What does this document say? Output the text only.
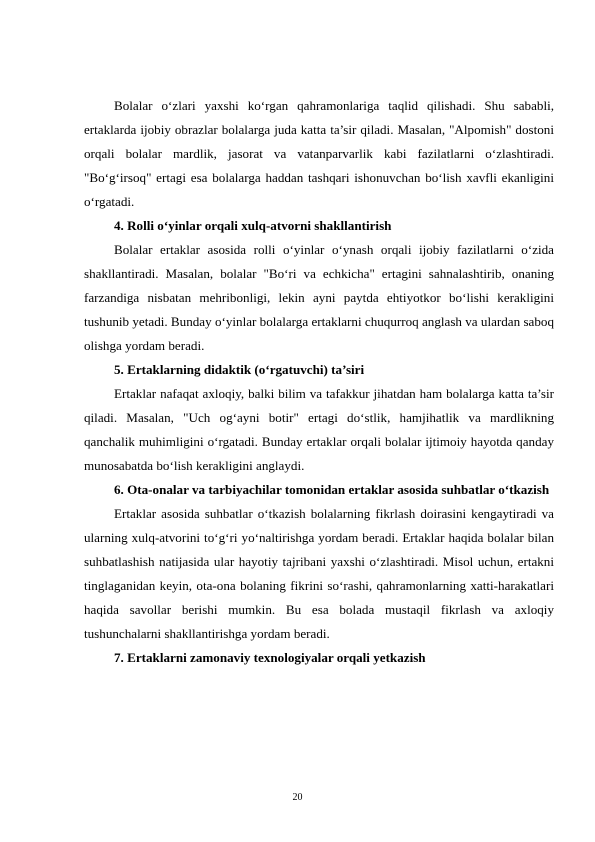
Bolalar o‘zlari yaxshi ko‘rgan qahramonlariga taqlid qilishadi. Shu sababli, ertaklarda ijobiy obrazlar bolalarga juda katta ta’sir qiladi. Masalan, "Alpomish" dostoni orqali bolalar mardlik, jasorat va vatanparvarlik kabi fazilatlarni o‘zlashtiradi. "Bo‘g‘irsoq" ertagi esa bolalarga haddan tashqari ishonuvchan bo‘lish xavfli ekanligini o‘rgatadi.

4. Rolli o‘yinlar orqali xulq-atvorni shakllantirish

Bolalar ertaklar asosida rolli o‘yinlar o‘ynash orqali ijobiy fazilatlarni o‘zida shakllantiradi. Masalan, bolalar "Bo‘ri va echkicha" ertagini sahnalashtirib, onaning farzandiga nisbatan mehribonligi, lekin ayni paytda ehtiyotkor bo‘lishi kerakligini tushunib yetadi. Bunday o‘yinlar bolalarga ertaklarni chuqurroq anglash va ulardan saboq olishga yordam beradi.

5. Ertaklarning didaktik (o‘rgatuvchi) ta’siri

Ertaklar nafaqat axloqiy, balki bilim va tafakkur jihatdan ham bolalarga katta ta’sir qiladi. Masalan, "Uch og‘ayni botir" ertagi do‘stlik, hamjihatlik va mardlikning qanchalik muhimligini o‘rgatadi. Bunday ertaklar orqali bolalar ijtimoiy hayotda qanday munosabatda bo‘lish kerakligini anglaydi.

6. Ota-onalar va tarbiyachilar tomonidan ertaklar asosida suhbatlar o‘tkazish

Ertaklar asosida suhbatlar o‘tkazish bolalarning fikrlash doirasini kengaytiradi va ularning xulq-atvorini to‘g‘ri yo‘naltirishga yordam beradi. Ertaklar haqida bolalar bilan suhbatlashish natijasida ular hayotiy tajribani yaxshi o‘zlashtiradi. Misol uchun, ertakni tinglaganidan keyin, ota-ona bolaning fikrini so‘rashi, qahramonlarning xatti-harakatlari haqida savollar berishi mumkin. Bu esa bolada mustaqil fikrlash va axloqiy tushunchalarni shakllantirishga yordam beradi.

7. Ertaklarni zamonaviy texnologiyalar orqali yetkazish

20
